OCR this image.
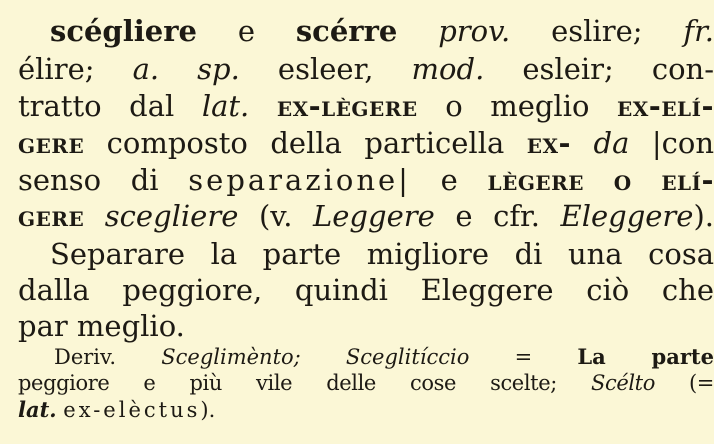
scégliere e scérre prov. eslire; fr.
élire; a. sp. esleer, mod. esleir; con-
tratto dal lat. ex-lègere o meglio ex-elí-
gere composto della particella ex- da |con
senso di separazione| e lègere o elí-
gere scegliere (v. Leggere e cfr. Eleggere).
Separare la parte migliore di una cosa
dalla peggiore, quindi Eleggere ciò che
par meglio.
Deriv. Sceglimènto; Sceglitíccio = La parte
peggiore e più vile delle cose scelte; Scélto (=
lat. ex-elèctus).
